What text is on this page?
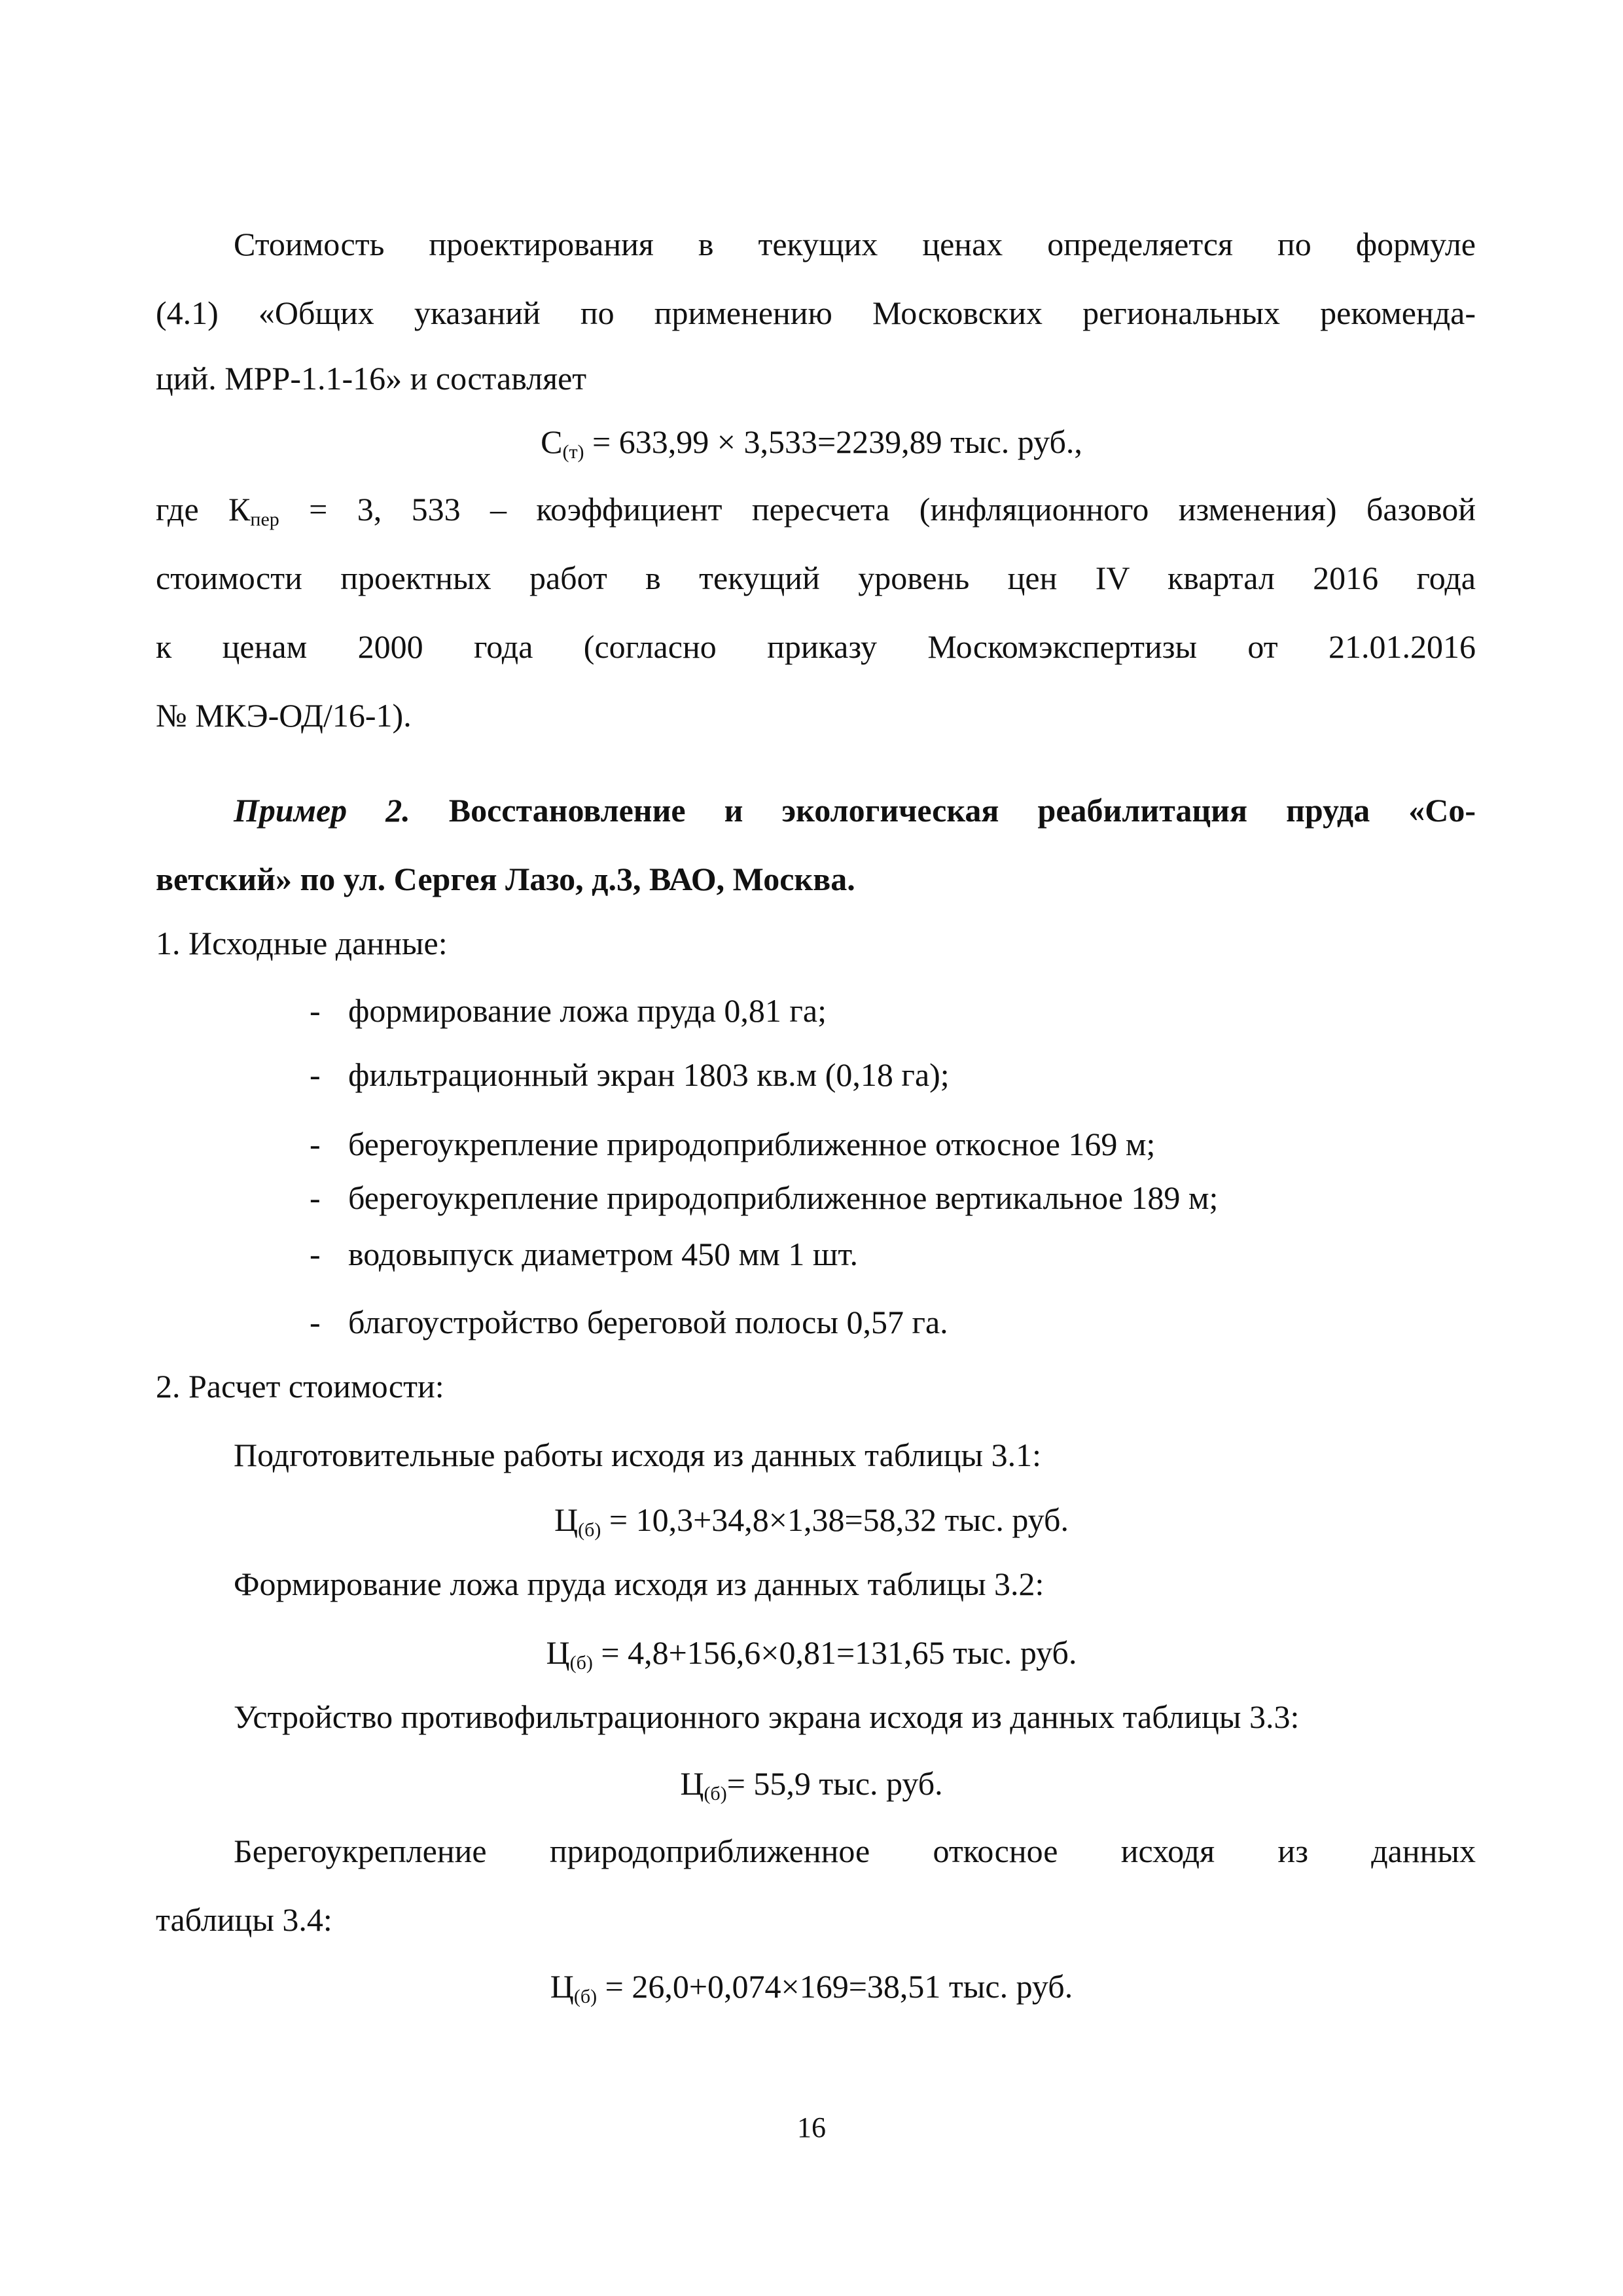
Стоимость проектирования в текущих ценах определяется по формуле
(4.1) «Общих указаний по применению Московских региональных рекоменда-
ций. МРР-1.1-16» и составляет
$С_{(т)} = 633,99 \times 3,533=2239,89$ тыс. руб.,
где $К_{пер} = 3$, 533 – коэффициент пересчета (инфляционного изменения) базовой
стоимости проектных работ в текущий уровень цен IV квартал 2016 года
к ценам 2000 года (согласно приказу Москомэкспертизы от 21.01.2016
№ МКЭ-ОД/16-1).
Пример 2. Восстановление и экологическая реабилитация пруда «Со-
ветский» по ул. Сергея Лазо, д.3, ВАО, Москва.
1. Исходные данные:
- формирование ложа пруда 0,81 га;
- фильтрационный экран 1803 кв.м (0,18 га);
- берегоукрепление природоприближенное откосное 169 м;
- берегоукрепление природоприближенное вертикальное 189 м;
- водовыпуск диаметром 450 мм 1 шт.
- благоустройство береговой полосы 0,57 га.
2. Расчет стоимости:
Подготовительные работы исходя из данных таблицы 3.1:
$Ц_{(б)} = 10,3+34,8\times 1,38=58,32$ тыс. руб.
Формирование ложа пруда исходя из данных таблицы 3.2:
$Ц_{(б)} = 4,8+156,6\times 0,81=131,65$ тыс. руб.
Устройство противофильтрационного экрана исходя из данных таблицы 3.3:
$Ц_{(б)}= 55,9$ тыс. руб.
Берегоукрепление природоприближенное откосное исходя из данных
таблицы 3.4:
$Ц_{(б)} = 26,0+0,074\times 169=38,51$ тыс. руб.
16
